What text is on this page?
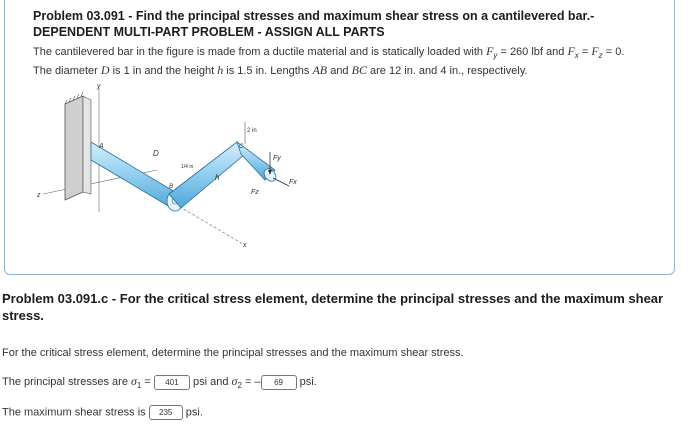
Problem 03.091 - Find the principal stresses and maximum shear stress on a cantilevered bar.-
DEPENDENT MULTI-PART PROBLEM - ASSIGN ALL PARTS
The cantilevered bar in the figure is made from a ductile material and is statically loaded with $F_y = 260$ lbf and $F_x = F_z = 0$.
The diameter D is 1 in and the height h is 1.5 in. Lengths AB and BC are 12 in. and 4 in., respectively.
y
z
x
2 in
Fy
Fx
Fz
A
D
B
C
1/4 in
h
Problem 03.091.c - For the critical stress element, determine the principal stresses and the maximum shear stress.
For the critical stress element, determine the principal stresses and the maximum shear stress.
The principal stresses are $\sigma_1 = 401$ psi and $\sigma_2$ = – 69 psi.
The maximum shear stress is 235 psi.
